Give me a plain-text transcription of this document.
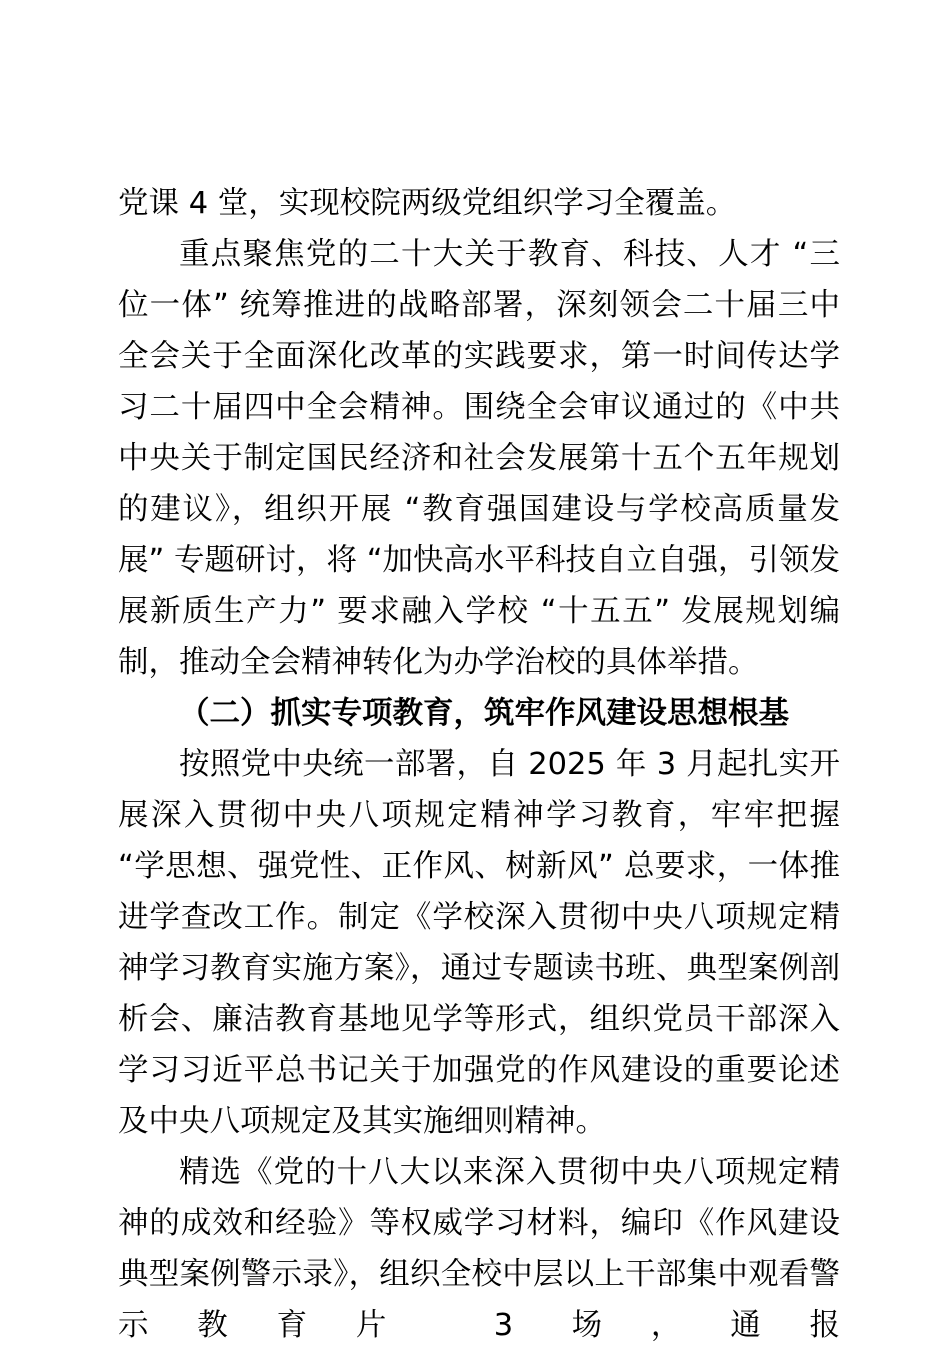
党课 4 堂，实现校院两级党组织学习全覆盖。

重点聚焦党的二十大关于教育、科技、人才 “三位一体” 统筹推进的战略部署，深刻领会二十届三中全会关于全面深化改革的实践要求，第一时间传达学习二十届四中全会精神。围绕全会审议通过的《中共中央关于制定国民经济和社会发展第十五个五年规划的建议》，组织开展 “教育强国建设与学校高质量发展” 专题研讨，将 “加快高水平科技自立自强，引领发展新质生产力” 要求融入学校 “十五五” 发展规划编制，推动全会精神转化为办学治校的具体举措。

（二）抓实专项教育，筑牢作风建设思想根基

按照党中央统一部署，自 2025 年 3 月起扎实开展深入贯彻中央八项规定精神学习教育，牢牢把握 “学思想、强党性、正作风、树新风” 总要求，一体推进学查改工作。制定《学校深入贯彻中央八项规定精神学习教育实施方案》，通过专题读书班、典型案例剖析会、廉洁教育基地见学等形式，组织党员干部深入学习习近平总书记关于加强党的作风建设的重要论述及中央八项规定及其实施细则精神。

精选《党的十八大以来深入贯彻中央八项规定精神的成效和经验》等权威学习材料，编印《作风建设典型案例警示录》，组织全校中层以上干部集中观看警示教育片 3 场，通报
